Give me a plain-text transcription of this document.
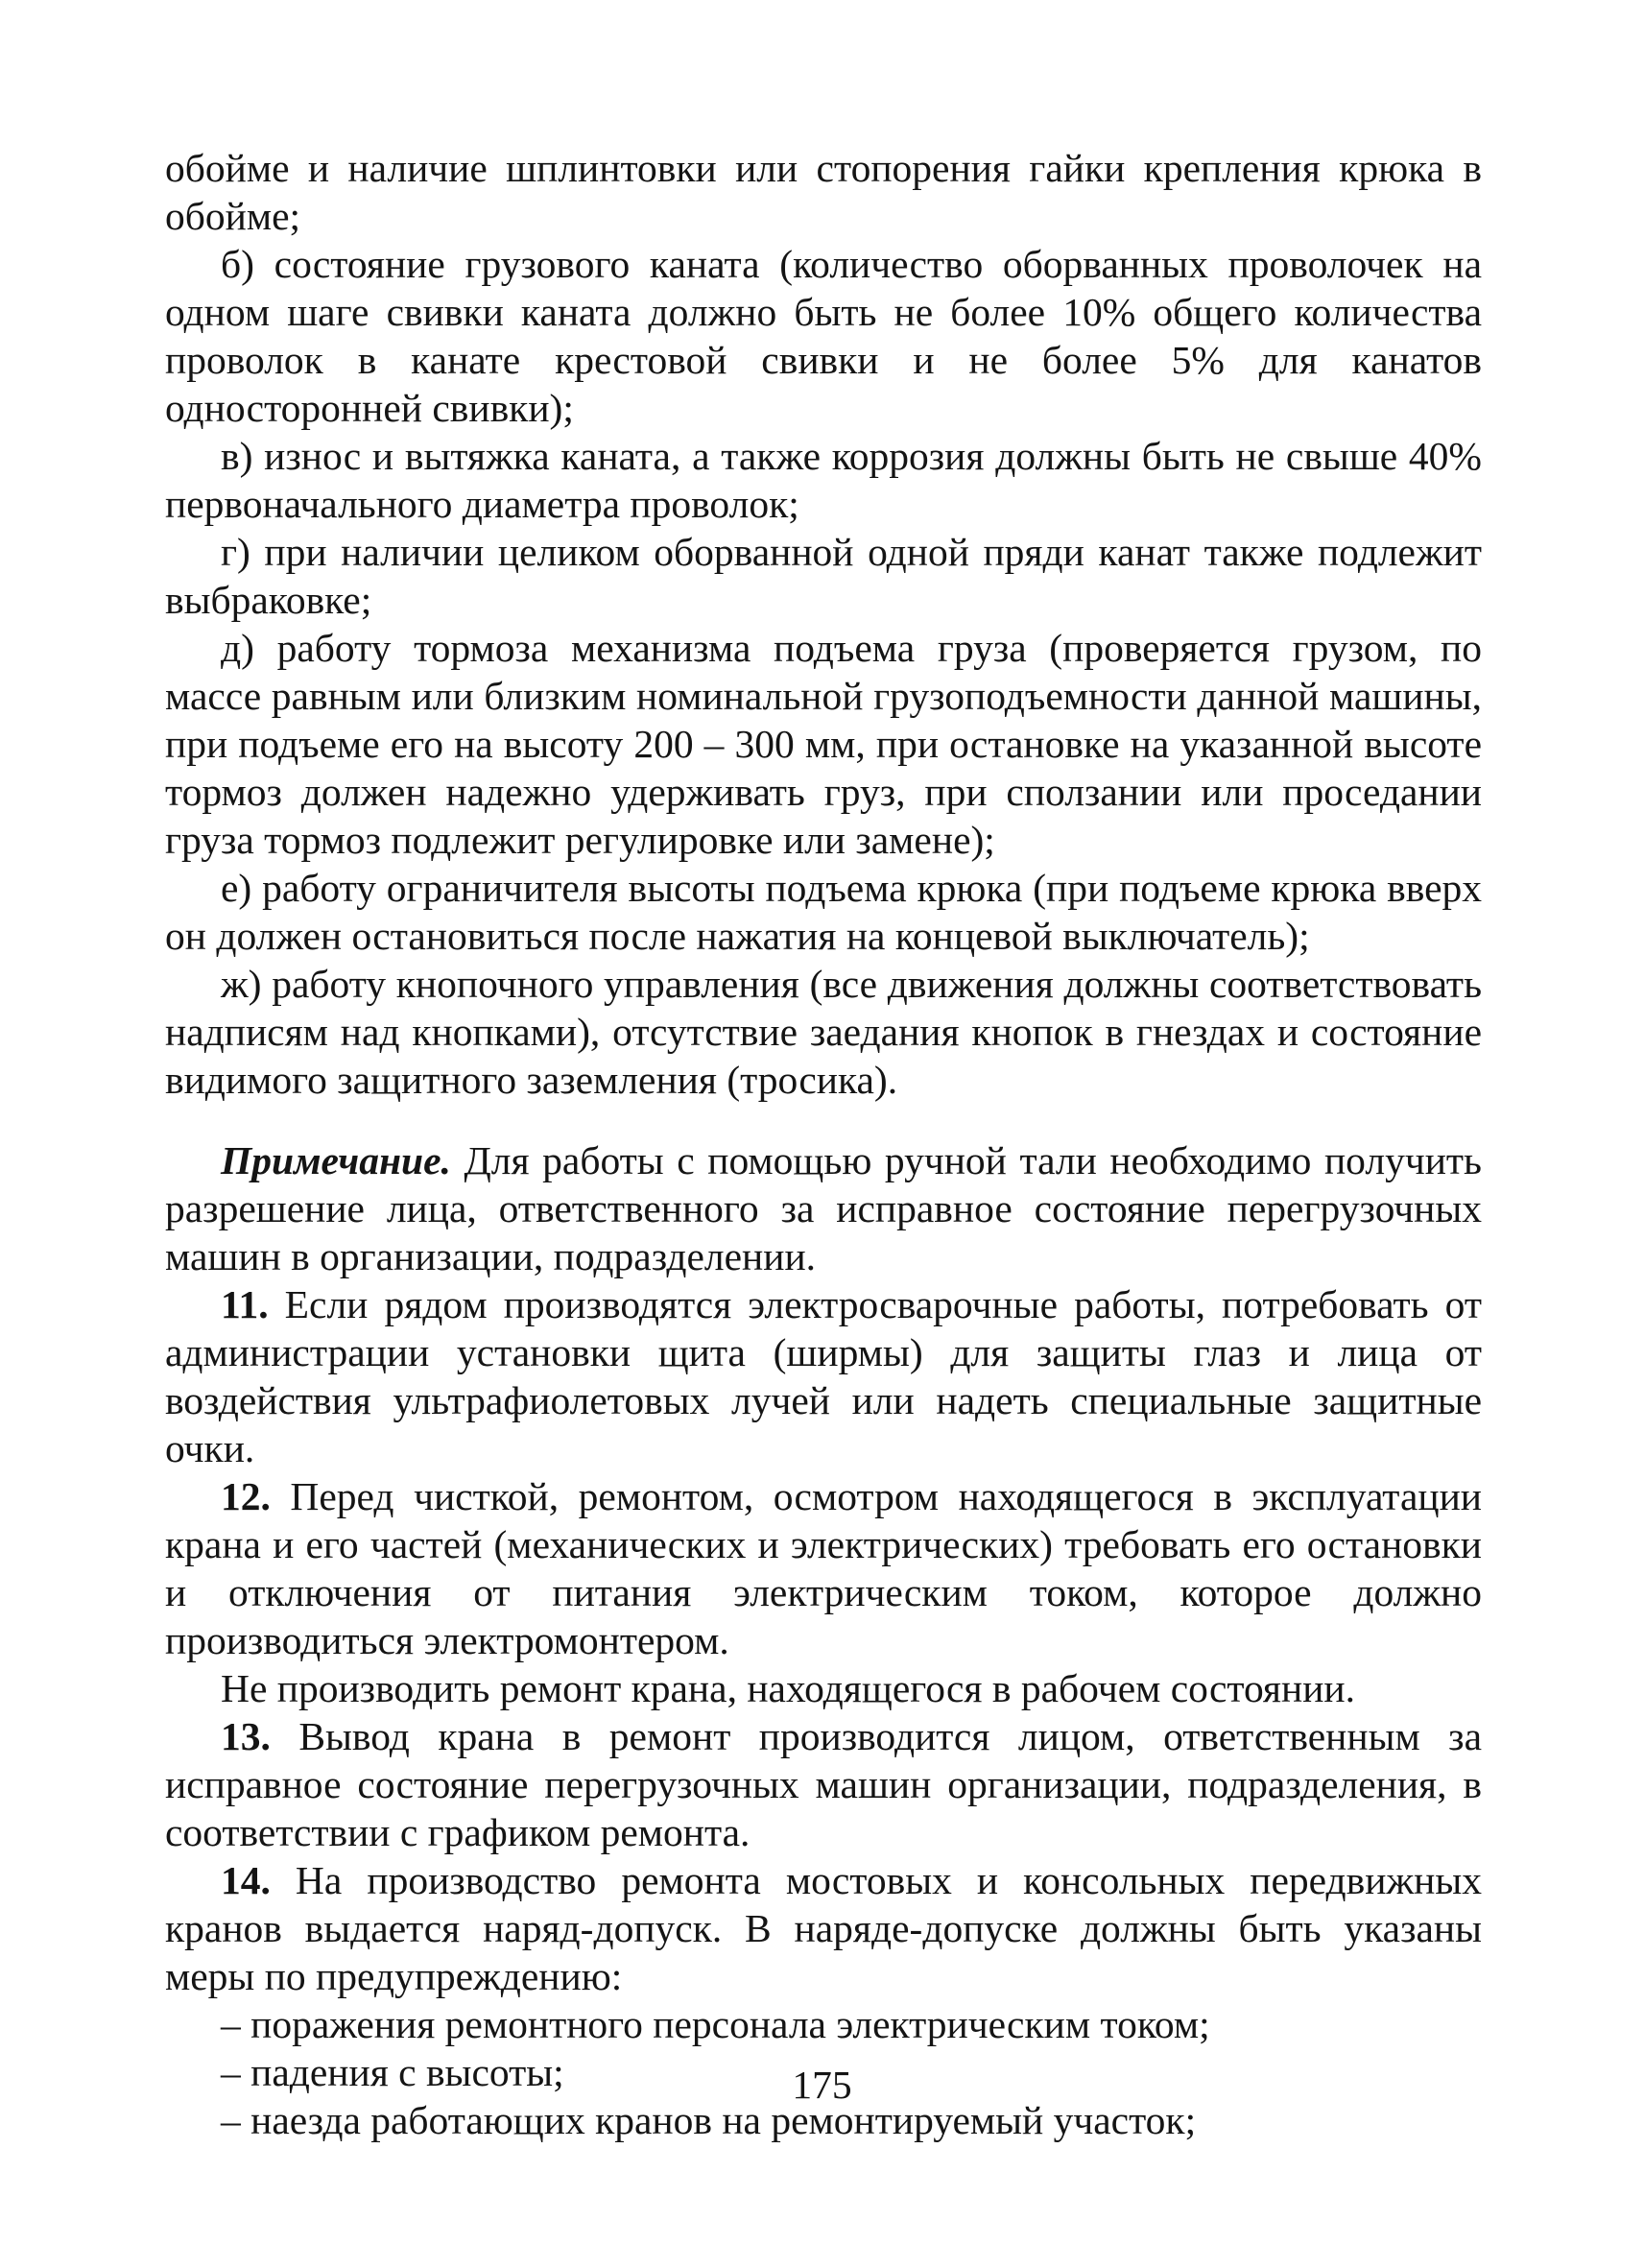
обойме и наличие шплинтовки или стопорения гайки крепления крюка в обойме;

б) состояние грузового каната (количество оборванных проволочек на одном шаге свивки каната должно быть не более 10% общего количества проволок в канате крестовой свивки и не более 5% для канатов односторонней свивки);

в) износ и вытяжка каната, а также коррозия должны быть не свыше 40% первоначального диаметра проволок;

г) при наличии целиком оборванной одной пряди канат также подлежит выбраковке;

д) работу тормоза механизма подъема груза (проверяется грузом, по массе равным или близким номинальной грузоподъемности данной машины, при подъеме его на высоту 200 – 300 мм, при остановке на указанной высоте тормоз должен надежно удерживать груз, при сползании или проседании груза тормоз подлежит регулировке или замене);

е) работу ограничителя высоты подъема крюка (при подъеме крюка вверх он должен остановиться после нажатия на концевой выключатель);

ж) работу кнопочного управления (все движения должны соответствовать надписям над кнопками), отсутствие заедания кнопок в гнездах и состояние видимого защитного заземления (тросика).

Примечание. Для работы с помощью ручной тали необходимо получить разрешение лица, ответственного за исправное состояние перегрузочных машин в организации, подразделении.

11. Если рядом производятся электросварочные работы, потребовать от администрации установки щита (ширмы) для защиты глаз и лица от воздействия ультрафиолетовых лучей или надеть специальные защитные очки.

12. Перед чисткой, ремонтом, осмотром находящегося в эксплуатации крана и его частей (механических и электрических) требовать его остановки и отключения от питания электрическим током, которое должно производиться электромонтером.

Не производить ремонт крана, находящегося в рабочем состоянии.

13. Вывод крана в ремонт производится лицом, ответственным за исправное состояние перегрузочных машин организации, подразделения, в соответствии с графиком ремонта.

14. На производство ремонта мостовых и консольных передвижных кранов выдается наряд-допуск. В наряде-допуске должны быть указаны меры по предупреждению:

– поражения ремонтного персонала электрическим током;

– падения с высоты;

– наезда работающих кранов на ремонтируемый участок;

175
